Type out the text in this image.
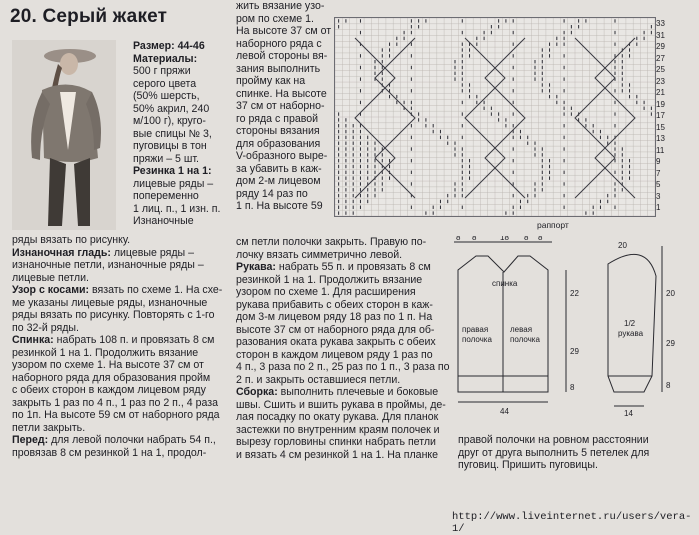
20. Серый жакет

Размер: 44-46

Материалы:

500 г пряжи

серого цвета

(50% шерсть,

50% акрил, 240

м/100 г), круго-

вые спицы № 3,

пуговицы в тон

пряжи – 5 шт.

Резинка 1 на 1:

лицевые ряды –

попеременно

1 лиц. п., 1 изн. п.

Изнаночные

ряды вязать по рисунку.

Изнаночная гладь: лицевые ряды –

изнаночные петли, изнаночные ряды –

лицевые петли.

Узор с косами: вязать по схеме 1. На схе-

ме указаны лицевые ряды, изнаночные

ряды вязать по рисунку. Повторять с 1-го

по 32-й ряды.

Спинка: набрать 108 п. и провязать 8 см

резинкой 1 на 1. Продолжить вязание

узором по схеме 1. На высоте 37 см от

наборного ряда для образования пройм

с обеих сторон в каждом лицевом ряду

закрыть 1 раз по 4 п., 1 раз по 2 п., 4 раза

по 1п. На высоте 59 см от наборного ряда

петли закрыть.

Перед: для левой полочки набрать 54 п.,

провязав 8 см резинкой 1 на 1, продол-

жить вязание узо-

ром по схеме 1.

На высоте 37 см от

наборного ряда с

левой стороны вя-

зания выполнить

пройму как на

спинке. На высоте

37 см от наборно-

го ряда с правой

стороны вязания

для образования

V-образного выре-

за убавить в каж-

дом 2-м лицевом

ряду 14 раз по

1 п. На высоте 59

см петли полочки закрыть. Правую по-

лочку вязать симметрично левой.

Рукава: набрать 55 п. и провязать 8 см

резинкой 1 на 1. Продолжить вязание

узором по схеме 1. Для расширения

рукава прибавить с обеих сторон в каж-

дом 3-м лицевом ряду 18 раз по 1 п. На

высоте 37 см от наборного ряда для об-

разования оката рукава закрыть с обеих

сторон в каждом лицевом ряду 1 раз по

4 п., 3 раза по 2 п., 25 раз по 1 п., 3 раза по

2 п. и закрыть оставшиеся петли.

Сборка: выполнить плечевые и боковые

швы. Сшить и вшить рукава в проймы, де-

лая посадку по окату рукава. Для планок

застежки по внутренним краям полочек и

вырезу горловины спинки набрать петли

и вязать 4 см резинкой 1 на 1. На планке

правой полочки на ровном расстоянии

друг от друга выполнить 5 петелек для

пуговиц. Пришить пуговицы.

33
31
29
27
25
23
21
19
17
15
13
11
9
7
5
3
1
раппорт
8 8	18 8 8
22
29
8
44
20
20
29
8
14
спинка
правая
полочка
левая
полочка
1/2
рукава
http://www.liveinternet.ru/users/vera-1/
